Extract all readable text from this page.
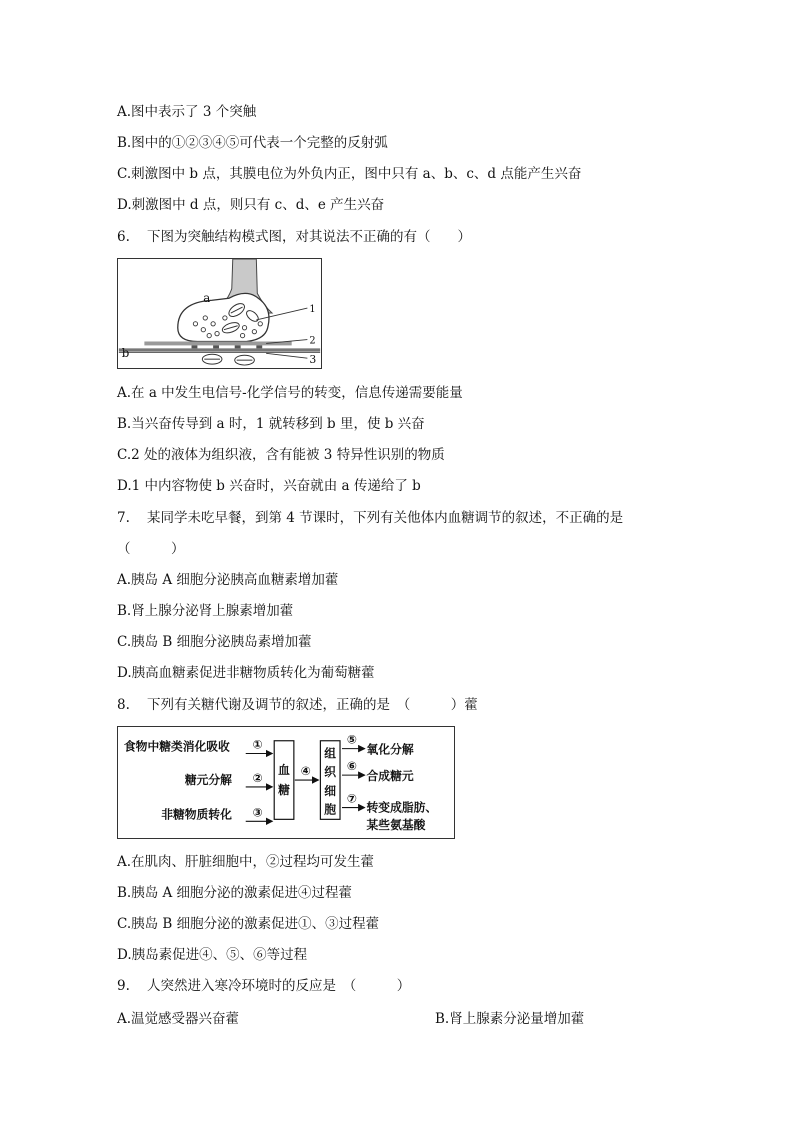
A.图中表示了 3 个突触
B.图中的①②③④⑤可代表一个完整的反射弧
C.刺激图中 b 点，其膜电位为外负内正，图中只有 a、b、c、d 点能产生兴奋
D.刺激图中 d 点，则只有 c、d、e 产生兴奋
6. 下图为突触结构模式图，对其说法不正确的有（　　）
a
b
1
2
3
A.在 a 中发生电信号-化学信号的转变，信息传递需要能量
B.当兴奋传导到 a 时，1 就转移到 b 里，使 b 兴奋
C.2 处的液体为组织液，含有能被 3 特异性识别的物质
D.1 中内容物使 b 兴奋时，兴奋就由 a 传递给了 b
7. 某同学未吃早餐，到第 4 节课时，下列有关他体内血糖调节的叙述，不正确的是
（　　　）
A.胰岛 A 细胞分泌胰高血糖素增加藿
B.肾上腺分泌肾上腺素增加藿
C.胰岛 B 细胞分泌胰岛素增加藿
D.胰高血糖素促进非糖物质转化为葡萄糖藿
8. 下列有关糖代谢及调节的叙述，正确的是　（　　　）藿
食物中糖类消化吸收
糖元分解
非糖物质转化
①
②
③
血
糖
④
组
织
细
胞
⑤
⑥
⑦
氧化分解
合成糖元
转变成脂肪、
某些氨基酸
A.在肌肉、肝脏细胞中，②过程均可发生藿
B.胰岛 A 细胞分泌的激素促进④过程藿
C.胰岛 B 细胞分泌的激素促进①、③过程藿
D.胰岛素促进④、⑤、⑥等过程
9. 人突然进入寒冷环境时的反应是　（　　　）
A.温觉感受器兴奋藿	B.肾上腺素分泌量增加藿
